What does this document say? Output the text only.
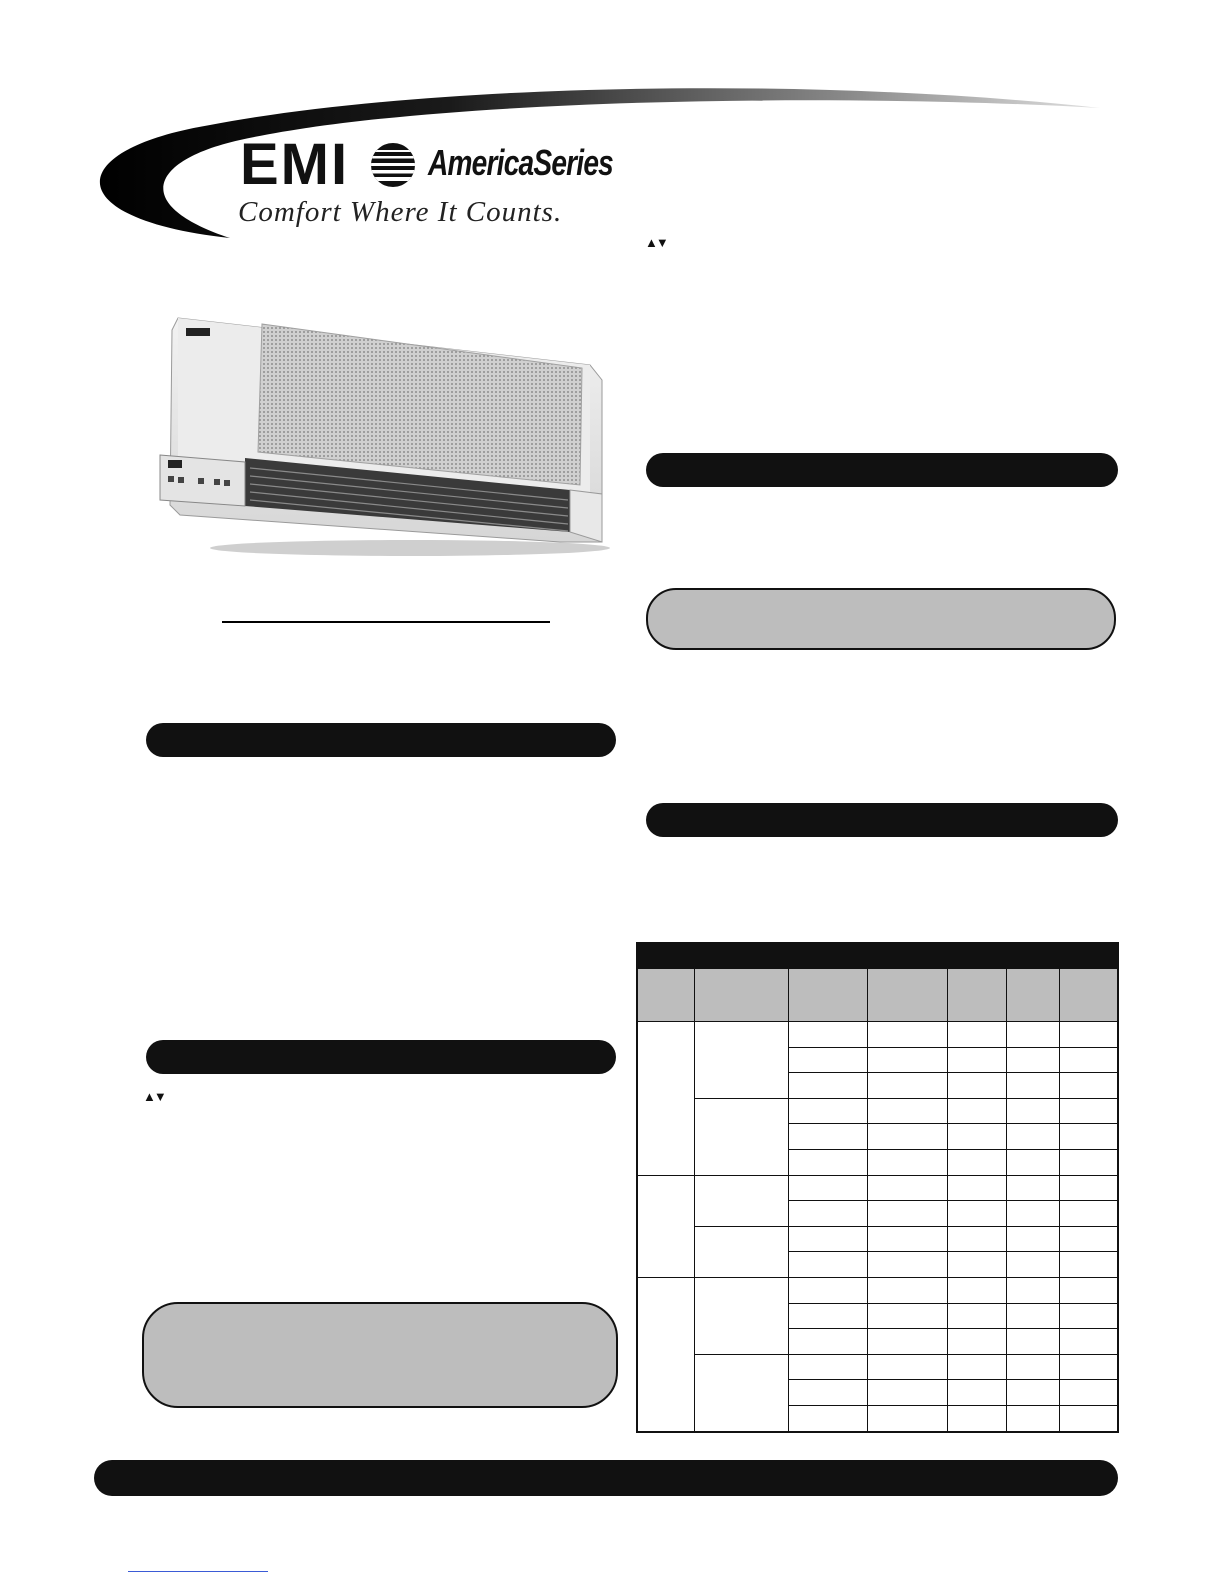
EMI AmericaSeries
Comfort Where It Counts.
▲▼
▲▼
